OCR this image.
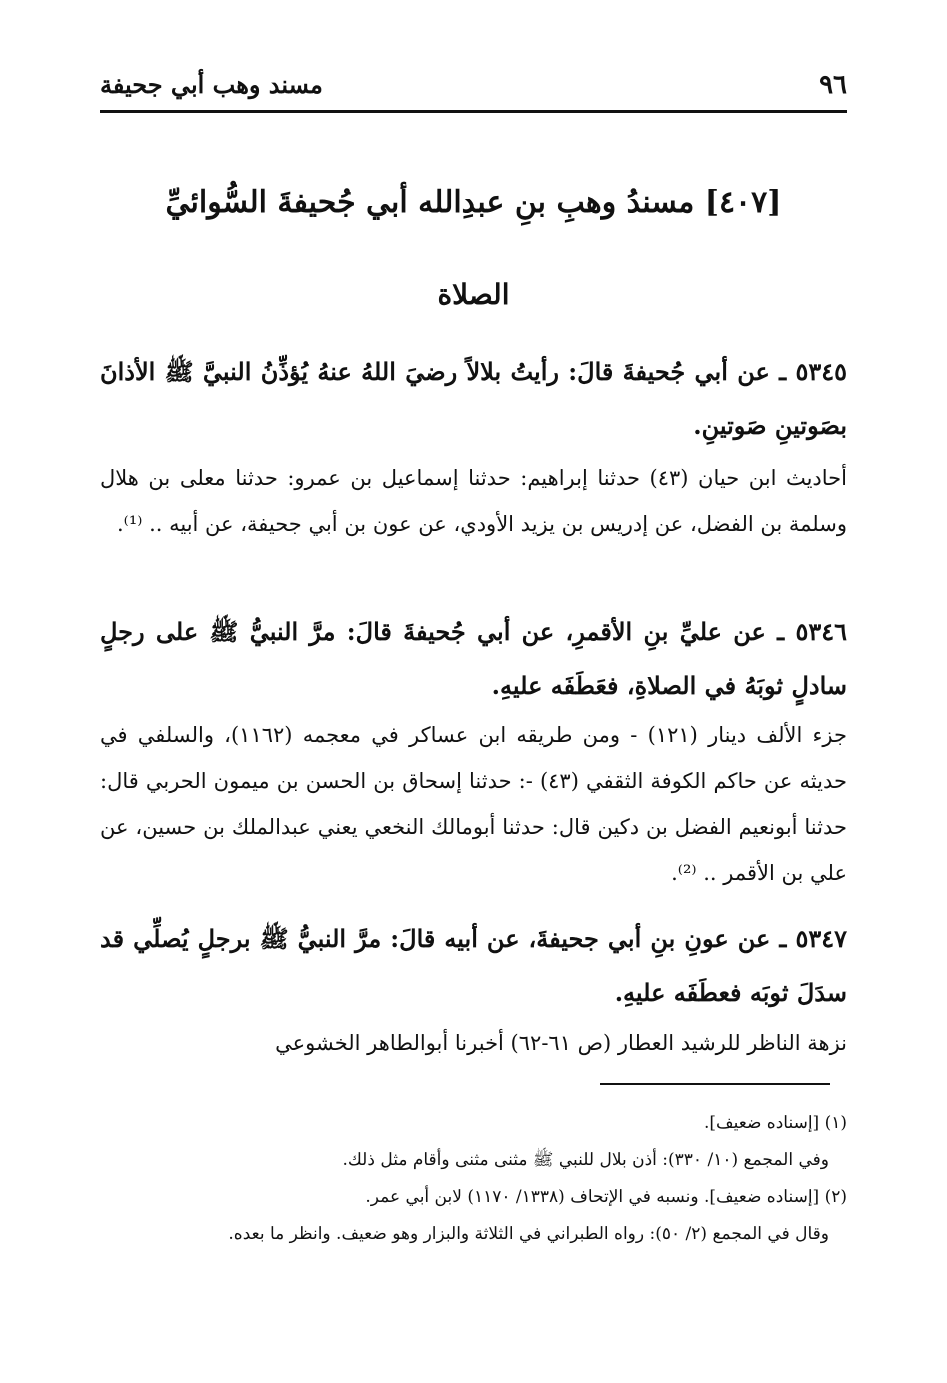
٩٦
مسند وهب أبي جحيفة
[٤٠٧] مسندُ وهبِ بنِ عبدِالله أبي جُحيفةَ السُّوائيِّ
الصلاة
٥٣٤٥ ـ عن أبي جُحيفةَ قالَ: رأيتُ بلالاً رضيَ اللهُ عنهُ يُؤذِّنُ النبيَّ ﷺ الأذانَ بصَوتينِ صَوتينِ.
أحاديث ابن حيان (٤٣) حدثنا إبراهيم: حدثنا إسماعيل بن عمرو: حدثنا معلى بن هلال وسلمة بن الفضل، عن إدريس بن يزيد الأودي، عن عون بن أبي جحيفة، عن أبيه .. ⁽¹⁾.
٥٣٤٦ ـ عن عليِّ بنِ الأقمرِ، عن أبي جُحيفةَ قالَ: مرَّ النبيُّ ﷺ على رجلٍ سادلٍ ثوبَهُ في الصلاةِ، فعَطَفَه عليهِ.
جزء الألف دينار (١٢١) - ومن طريقه ابن عساكر في معجمه (١١٦٢)، والسلفي في حديثه عن حاكم الكوفة الثقفي (٤٣) -: حدثنا إسحاق بن الحسن بن ميمون الحربي قال: حدثنا أبونعيم الفضل بن دكين قال: حدثنا أبومالك النخعي يعني عبدالملك بن حسين، عن علي بن الأقمر .. ⁽²⁾.
٥٣٤٧ ـ عن عونِ بنِ أبي جحيفةَ، عن أبيه قالَ: مرَّ النبيُّ ﷺ برجلٍ يُصلِّي قد سدَلَ ثوبَه فعطَفَه عليهِ.
نزهة الناظر للرشيد العطار (ص ٦١-٦٢) أخبرنا أبوالطاهر الخشوعي
(١) [إسناده ضعيف].
وفي المجمع (١٠/ ٣٣٠): أذن بلال للنبي ﷺ مثنى مثنى وأقام مثل ذلك.
(٢) [إسناده ضعيف]. ونسبه في الإتحاف (١٣٣٨/ ١١٧٠) لابن أبي عمر.
وقال في المجمع (٢/ ٥٠): رواه الطبراني في الثلاثة والبزار وهو ضعيف. وانظر ما بعده.
